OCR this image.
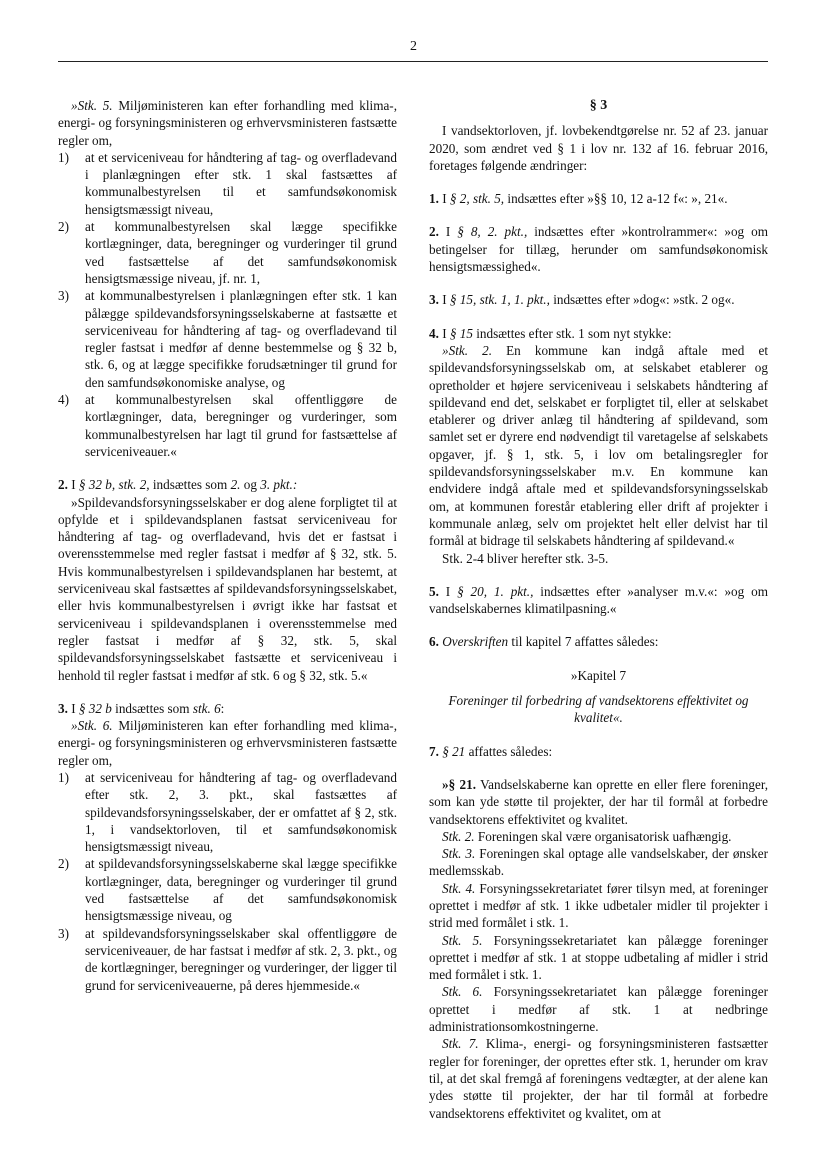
2

»Stk. 5. Miljøministeren kan efter forhandling med klima-, energi- og forsyningsministeren og erhvervsministeren fastsætte regler om,

1)	at et serviceniveau for håndtering af tag- og overfladevand i planlægningen efter stk. 1 skal fastsættes af kommunalbestyrelsen til et samfundsøkonomisk hensigtsmæssigt niveau,
2)	at kommunalbestyrelsen skal lægge specifikke kortlægninger, data, beregninger og vurderinger til grund ved fastsættelse af det samfundsøkonomisk hensigtsmæssige niveau, jf. nr. 1,
3)	at kommunalbestyrelsen i planlægningen efter stk. 1 kan pålægge spildevandsforsyningsselskaberne at fastsætte et serviceniveau for håndtering af tag- og overfladevand til regler fastsat i medfør af denne bestemmelse og § 32 b, stk. 6, og at lægge specifikke forudsætninger til grund for den samfundsøkonomiske analyse, og
4)	at kommunalbestyrelsen skal offentliggøre de kortlægninger, data, beregninger og vurderinger, som kommunalbestyrelsen har lagt til grund for fastsættelse af serviceniveauer.«

2. I § 32 b, stk. 2, indsættes som 2. og 3. pkt.:

»Spildevandsforsyningsselskaber er dog alene forpligtet til at opfylde et i spildevandsplanen fastsat serviceniveau for håndtering af tag- og overfladevand, hvis det er fastsat i overensstemmelse med regler fastsat i medfør af § 32, stk. 5. Hvis kommunalbestyrelsen i spildevandsplanen har bestemt, at serviceniveau skal fastsættes af spildevandsforsyningsselskabet, eller hvis kommunalbestyrelsen i øvrigt ikke har fastsat et serviceniveau i spildevandsplanen i overensstemmelse med regler fastsat i medfør af § 32, stk. 5, skal spildevandsforsyningsselskabet fastsætte et serviceniveau i henhold til regler fastsat i medfør af stk. 6 og § 32, stk. 5.«

3. I § 32 b indsættes som stk. 6:

»Stk. 6. Miljøministeren kan efter forhandling med klima-, energi- og forsyningsministeren og erhvervsministeren fastsætte regler om,

1)	at serviceniveau for håndtering af tag- og overfladevand efter stk. 2, 3. pkt., skal fastsættes af spildevandsforsyningsselskaber, der er omfattet af § 2, stk. 1, i vandsektorloven, til et samfundsøkonomisk hensigtsmæssigt niveau,
2)	at spildevandsforsyningsselskaberne skal lægge specifikke kortlægninger, data, beregninger og vurderinger til grund ved fastsættelse af det samfundsøkonomisk hensigtsmæssige niveau, og
3)	at spildevandsforsyningsselskaber skal offentliggøre de serviceniveauer, de har fastsat i medfør af stk. 2, 3. pkt., og de kortlægninger, beregninger og vurderinger, der ligger til grund for serviceniveauerne, på deres hjemmeside.«

§ 3

I vandsektorloven, jf. lovbekendtgørelse nr. 52 af 23. januar 2020, som ændret ved § 1 i lov nr. 132 af 16. februar 2016, foretages følgende ændringer:

1. I § 2, stk. 5, indsættes efter »§§ 10, 12 a-12 f«: », 21«.

2. I § 8, 2. pkt., indsættes efter »kontrolrammer«: »og om betingelser for tillæg, herunder om samfundsøkonomisk hensigtsmæssighed«.

3. I § 15, stk. 1, 1. pkt., indsættes efter »dog«: »stk. 2 og«.

4. I § 15 indsættes efter stk. 1 som nyt stykke:

»Stk. 2. En kommune kan indgå aftale med et spildevandsforsyningsselskab om, at selskabet etablerer og opretholder et højere serviceniveau i selskabets håndtering af spildevand end det, selskabet er forpligtet til, eller at selskabet etablerer og driver anlæg til håndtering af spildevand, som samlet set er dyrere end nødvendigt til varetagelse af selskabets opgaver, jf. § 1, stk. 5, i lov om betalingsregler for spildevandsforsyningsselskaber m.v. En kommune kan endvidere indgå aftale med et spildevandsforsyningsselskab om, at kommunen forestår etablering eller drift af projekter i kommunale anlæg, selv om projektet helt eller delvist har til formål at bidrage til selskabets håndtering af spildevand.«

Stk. 2-4 bliver herefter stk. 3-5.

5. I § 20, 1. pkt., indsættes efter »analyser m.v.«: »og om vandselskabernes klimatilpasning.«

6. Overskriften til kapitel 7 affattes således:

»Kapitel 7

Foreninger til forbedring af vandsektorens effektivitet og kvalitet«.

7. § 21 affattes således:

»§ 21. Vandselskaberne kan oprette en eller flere foreninger, som kan yde støtte til projekter, der har til formål at forbedre vandsektorens effektivitet og kvalitet.

Stk. 2. Foreningen skal være organisatorisk uafhængig.

Stk. 3. Foreningen skal optage alle vandselskaber, der ønsker medlemsskab.

Stk. 4. Forsyningssekretariatet fører tilsyn med, at foreninger oprettet i medfør af stk. 1 ikke udbetaler midler til projekter i strid med formålet i stk. 1.

Stk. 5. Forsyningssekretariatet kan pålægge foreninger oprettet i medfør af stk. 1 at stoppe udbetaling af midler i strid med formålet i stk. 1.

Stk. 6. Forsyningssekretariatet kan pålægge foreninger oprettet i medfør af stk. 1 at nedbringe administrationsomkostningerne.

Stk. 7. Klima-, energi- og forsyningsministeren fastsætter regler for foreninger, der oprettes efter stk. 1, herunder om krav til, at det skal fremgå af foreningens vedtægter, at der alene kan ydes støtte til projekter, der har til formål at forbedre vandsektorens effektivitet og kvalitet, om at
